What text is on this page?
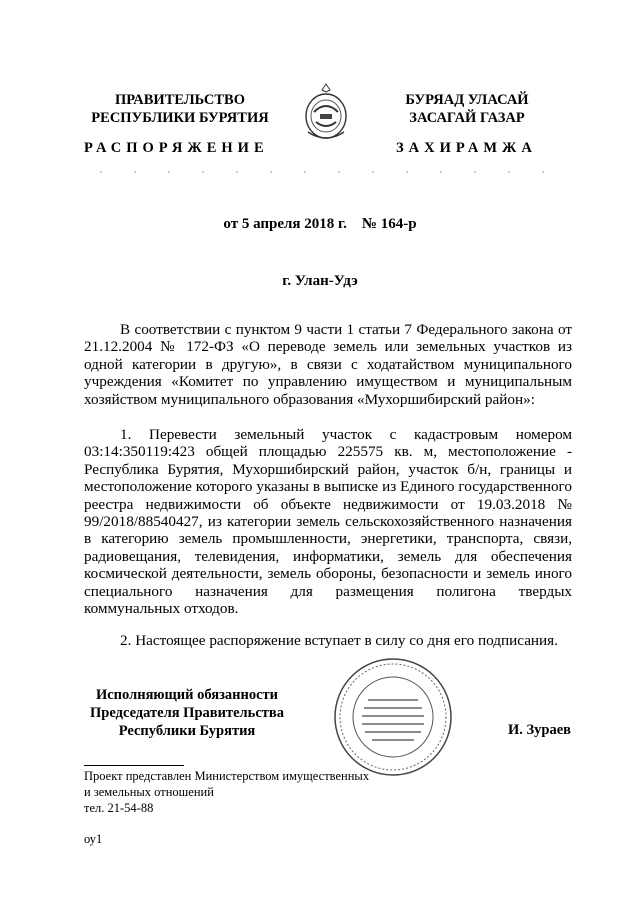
ПРАВИТЕЛЬСТВО
РЕСПУБЛИКИ БУРЯТИЯ
БУРЯАД УЛАСАЙ
ЗАСАГАЙ ГАЗАР
РАСПОРЯЖЕНИЕ	ЗАХИРАМЖА
от 5 апреля 2018 г.    № 164-р
г. Улан-Удэ

В соответствии с пунктом 9 части 1 статьи 7 Федерального закона от 21.12.2004 № 172-ФЗ «О переводе земель или земельных участков из одной категории в другую», в связи с ходатайством муниципального учреждения «Комитет по управлению имуществом и муниципальным хозяйством муниципального образования «Мухоршибирский район»:

1. Перевести земельный участок с кадастровым номером 03:14:350119:423 общей площадью 225575 кв. м, местоположение - Республика Бурятия, Мухоршибирский район, участок б/н, границы и местоположение которого указаны в выписке из Единого государственного реестра недвижимости об объекте недвижимости от 19.03.2018 № 99/2018/88540427, из категории земель сельскохозяйственного назначения в категорию земель промышленности, энергетики, транспорта, связи, радиовещания, телевидения, информатики, земель для обеспечения космической деятельности, земель обороны, безопасности и земель иного специального назначения для размещения полигона твердых коммунальных отходов.

2. Настоящее распоряжение вступает в силу со дня его подписания.

Исполняющий обязанности
Председателя Правительства
Республики Бурятия	И. Зураев
Проект представлен Министерством имущественных
и земельных отношений
тел. 21-54-88
оу1
